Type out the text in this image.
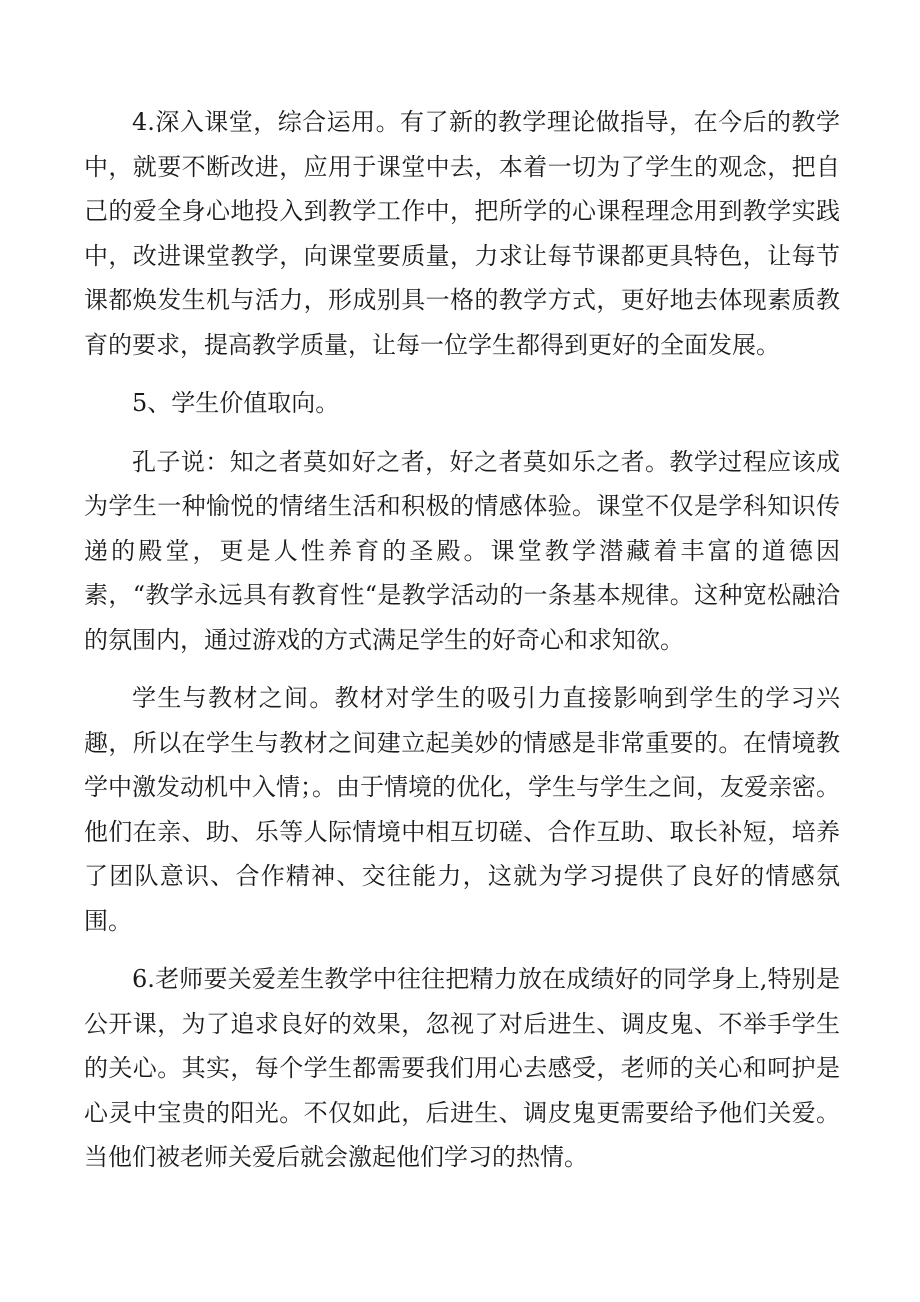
4.深入课堂，综合运用。有了新的教学理论做指导，在今后的教学中，就要不断改进，应用于课堂中去，本着一切为了学生的观念，把自己的爱全身心地投入到教学工作中，把所学的心课程理念用到教学实践中，改进课堂教学，向课堂要质量，力求让每节课都更具特色，让每节课都焕发生机与活力，形成别具一格的教学方式，更好地去体现素质教育的要求，提高教学质量，让每一位学生都得到更好的全面发展。

5、学生价值取向。

孔子说：知之者莫如好之者，好之者莫如乐之者。教学过程应该成为学生一种愉悦的情绪生活和积极的情感体验。课堂不仅是学科知识传递的殿堂，更是人性养育的圣殿。课堂教学潜藏着丰富的道德因素，“教学永远具有教育性“是教学活动的一条基本规律。这种宽松融洽的氛围内，通过游戏的方式满足学生的好奇心和求知欲。

学生与教材之间。教材对学生的吸引力直接影响到学生的学习兴趣，所以在学生与教材之间建立起美妙的情感是非常重要的。在情境教学中激发动机中入情；。由于情境的优化，学生与学生之间，友爱亲密。他们在亲、助、乐等人际情境中相互切磋、合作互助、取长补短，培养了团队意识、合作精神、交往能力，这就为学习提供了良好的情感氛围。

6.老师要关爱差生教学中往往把精力放在成绩好的同学身上,特别是公开课，为了追求良好的效果，忽视了对后进生、调皮鬼、不举手学生的关心。其实，每个学生都需要我们用心去感受，老师的关心和呵护是心灵中宝贵的阳光。不仅如此，后进生、调皮鬼更需要给予他们关爱。当他们被老师关爱后就会激起他们学习的热情。
